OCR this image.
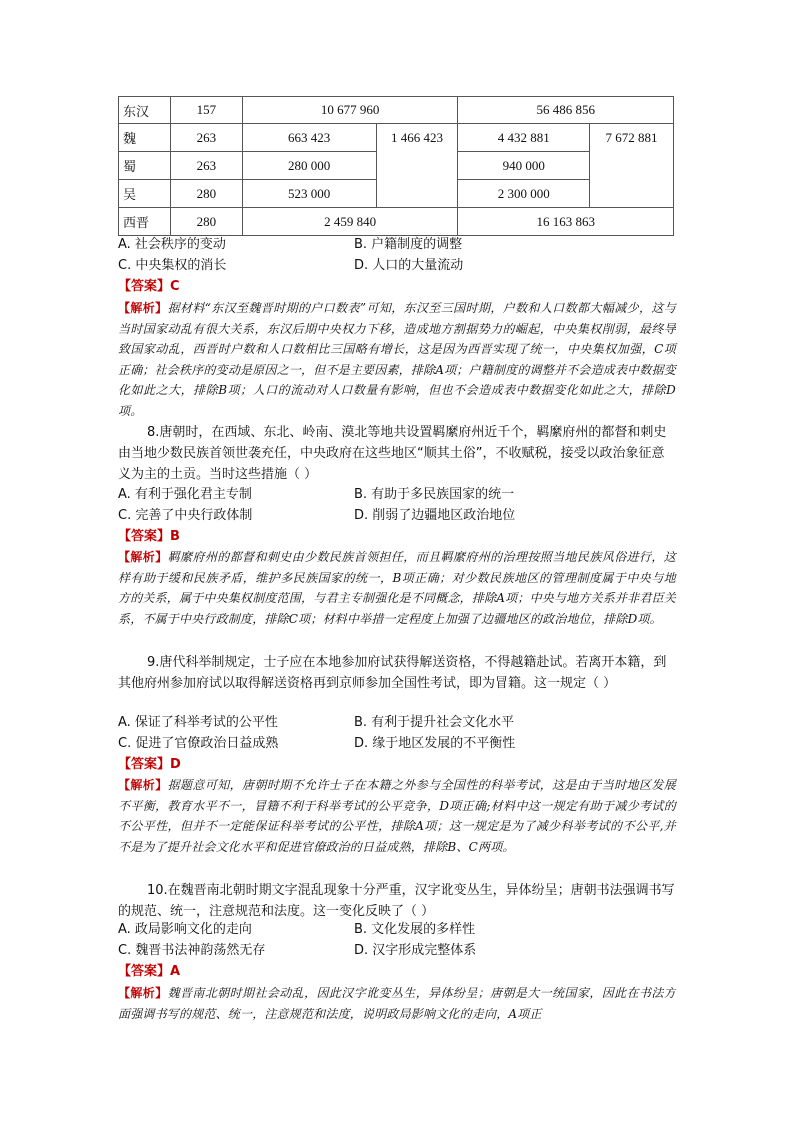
东汉	157	10 677 960		56 486 856	
魏	263	663 423	1 466 423	4 432 881	7 672 881
蜀	263	280 000		940 000	
吴	280	523 000		2 300 000	
西晋	280	2 459 840		16 163 863	
A. 社会秩序的变动	B. 户籍制度的调整
C. 中央集权的消长	D. 人口的大量流动
【答案】C
【解析】据材料“东汉至魏晋时期的户口数表”可知，东汉至三国时期，户数和人口数都大幅减少，这与当时国家动乱有很大关系，东汉后期中央权力下移，造成地方割据势力的崛起，中央集权削弱，最终导致国家动乱，西晋时户数和人口数相比三国略有增长，这是因为西晋实现了统一，中央集权加强，C项正确；社会秩序的变动是原因之一，但不是主要因素，排除A项；户籍制度的调整并不会造成表中数据变化如此之大，排除B项；人口的流动对人口数量有影响，但也不会造成表中数据变化如此之大，排除D项。
8.唐朝时，在西域、东北、岭南、漠北等地共设置羁縻府州近千个，羁縻府州的都督和刺史由当地少数民族首领世袭充任，中央政府在这些地区“顺其土俗”，不收赋税，接受以政治象征意义为主的土贡。当时这些措施（ ）
A. 有利于强化君主专制	B. 有助于多民族国家的统一
C. 完善了中央行政体制	D. 削弱了边疆地区政治地位
【答案】B
【解析】羁縻府州的都督和刺史由少数民族首领担任，而且羁縻府州的治理按照当地民族风俗进行，这样有助于缓和民族矛盾，维护多民族国家的统一，B项正确；对少数民族地区的管理制度属于中央与地方的关系，属于中央集权制度范围，与君主专制强化是不同概念，排除A项；中央与地方关系并非君臣关系，不属于中央行政制度，排除C项；材料中举措一定程度上加强了边疆地区的政治地位，排除D项。
9.唐代科举制规定，士子应在本地参加府试获得解送资格，不得越籍赴试。若离开本籍，到其他府州参加府试以取得解送资格再到京师参加全国性考试，即为冒籍。这一规定（ ）
A. 保证了科举考试的公平性	B. 有利于提升社会文化水平
C. 促进了官僚政治日益成熟	D. 缘于地区发展的不平衡性
【答案】D
【解析】据题意可知，唐朝时期不允许士子在本籍之外参与全国性的科举考试，这是由于当时地区发展不平衡，教育水平不一，冒籍不利于科举考试的公平竞争，D项正确;材料中这一规定有助于减少考试的不公平性，但并不一定能保证科举考试的公平性，排除A项；这一规定是为了减少科举考试的不公平,并不是为了提升社会文化水平和促进官僚政治的日益成熟，排除B、C两项。
10.在魏晋南北朝时期文字混乱现象十分严重，汉字讹变丛生，异体纷呈；唐朝书法强调书写的规范、统一，注意规范和法度。这一变化反映了（ ）
A. 政局影响文化的走向	B. 文化发展的多样性
C. 魏晋书法神韵荡然无存	D. 汉字形成完整体系
【答案】A
【解析】魏晋南北朝时期社会动乱，因此汉字讹变丛生，异体纷呈；唐朝是大一统国家，因此在书法方面强调书写的规范、统一，注意规范和法度，说明政局影响文化的走向，A项正
